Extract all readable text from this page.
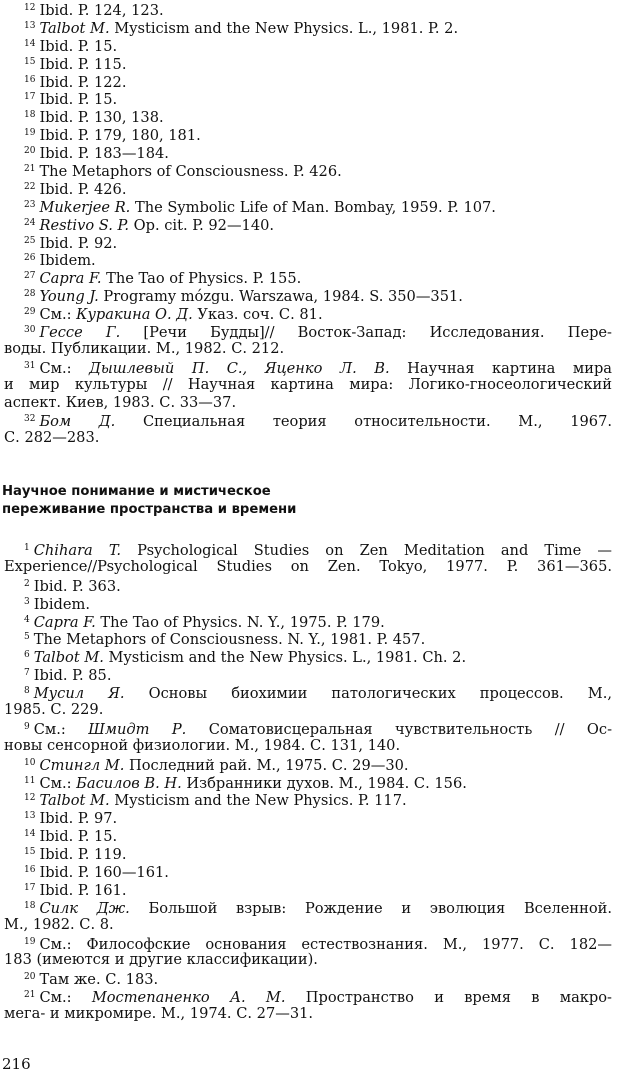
$^{12}$ Ibid. P. 124, 123.
$^{13}$ Talbot M. Mysticism and the New Physics. L., 1981. P. 2.
$^{14}$ Ibid. P. 15.
$^{15}$ Ibid. P. 115.
$^{16}$ Ibid. P. 122.
$^{17}$ Ibid. P. 15.
$^{18}$ Ibid. P. 130, 138.
$^{19}$ Ibid. P. 179, 180, 181.
$^{20}$ Ibid. P. 183—184.
$^{21}$ The Metaphors of Consciousness. P. 426.
$^{22}$ Ibid. P. 426.
$^{23}$ Mukerjee R. The Symbolic Life of Man. Bombay, 1959. P. 107.
$^{24}$ Restivo S. P. Op. cit. P. 92—140.
$^{25}$ Ibid. P. 92.
$^{26}$ Ibidem.
$^{27}$ Capra F. The Tao of Physics. P. 155.
$^{28}$ Young J. Programy mózgu. Warszawa, 1984. S. 350—351.
$^{29}$ См.: Куракина О. Д. Указ. соч. С. 81.
$^{30}$ Гессе Г. [Речи Будды]// Восток-Запад: Исследования. Пере-
воды. Публикации. М., 1982. С. 212.
$^{31}$ См.: Дышлевый П. С., Яценко Л. В. Научная картина мира
и мир культуры // Научная картина мира: Логико-гносеологический
аспект. Киев, 1983. С. 33—37.
$^{32}$ Бом Д. Специальная теория относительности. М., 1967.
С. 282—283.
Научное понимание и мистическое
переживание пространства и времени
$^1$ Chihara T. Psychological Studies on Zen Meditation and Time —
Experience//Psychological Studies on Zen. Tokyo, 1977. P. 361—365.
$^2$ Ibid. P. 363.
$^3$ Ibidem.
$^4$ Capra F. The Tao of Physics. N. Y., 1975. P. 179.
$^5$ The Metaphors of Consciousness. N. Y., 1981. P. 457.
$^6$ Talbot M. Mysticism and the New Physics. L., 1981. Ch. 2.
$^7$ Ibid. P. 85.
$^8$ Мусил Я. Основы биохимии патологических процессов. М.,
1985. С. 229.
$^9$ См.: Шмидт Р. Соматовисцеральная чувствительность // Ос-
новы сенсорной физиологии. М., 1984. С. 131, 140.
$^{10}$ Стингл М. Последний рай. М., 1975. С. 29—30.
$^{11}$ См.: Басилов В. Н. Избранники духов. М., 1984. С. 156.
$^{12}$ Talbot M. Mysticism and the New Physics. P. 117.
$^{13}$ Ibid. P. 97.
$^{14}$ Ibid. P. 15.
$^{15}$ Ibid. P. 119.
$^{16}$ Ibid. P. 160—161.
$^{17}$ Ibid. P. 161.
$^{18}$ Силк Дж. Большой взрыв: Рождение и эволюция Вселенной.
М., 1982. С. 8.
$^{19}$ См.: Философские основания естествознания. М., 1977. С. 182—
183 (имеются и другие классификации).
$^{20}$ Там же. С. 183.
$^{21}$ См.: Мостепаненко А. М. Пространство и время в макро-
мега- и микромире. М., 1974. С. 27—31.
216
